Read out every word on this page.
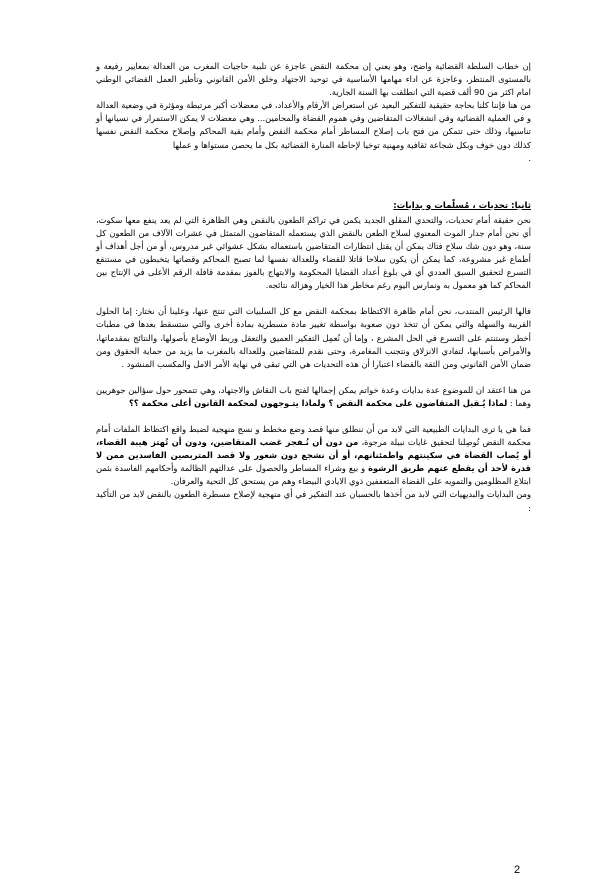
إن خطاب السلطة القضائية واضح، وهو يعني إن محكمة النقض عاجزة عن تلبية حاجيات المغرب من العدالة بمعايير رفيعة و بالمستوى المنتظر، وعاجزة عن اداء مهامها الأساسية في توحيد الاجتهاد وخلق الأمن القانوني وتأطير العمل القضائي الوطني امام اكثر من 90 ألف قضية التي انطلقت بها السنة الجارية.

من هنا فإننا كلنا بحاجة حقيقية للتفكير البعيد عن استعراض الأرقام والأعداد، في معضلات أكبر مرتبطة ومؤثرة في وضعية العدالة و في العملية القضائية وفي انشغالات المتقاضين وفي هموم القضاة والمحامين... وهي معضلات لا يمكن الاستمرار في نسيانها أو تناسيها، وذلك حتى تتمكن من فتح باب إصلاح المساطر أمام محكمة النقض وأمام بقية المحاكم وإصلاح محكمة النقض نفسها كذلك دون خوف وبكل شجاعة ثقافية ومهنية توخيا لإحاطة المنارة القضائية بكل ما يحصن مستواها و عملها

.

ثانيا: تحديات ، مُسلّمات و بدايات:

نحن حقيقة أمام تحديات، والتحدي المقلق الجديد يكمن في تراكم الطعون بالنقض وهي الظاهرة التي لم يعد ينفع معها سكوت، أي نحن أمام جدار الموت المعنوي لسلاح الطعن بالنقض الذي يستعمله المتقاضون المتمثل في عشرات الآلاف من الطعون كل سنة، وهو دون شك سلاح فتاك يمكن أن يقتل انتظارات المتقاضين باستعماله بشكل عشوائي غير مدروس، أو من أجل أهداف أو أطماع غير مشروعة، كما يمكن أن يكون سلاحا قاتلا للقضاء وللعدالة نفسها لما تصبح المحاكم وقضاتها يتخبطون في مستنقع التسرع لتحقيق السبق العددي أي في بلوغ أعداد القضايا المحكومة والابتهاج بالفوز بمقدمة قافلة الرقم الأعلى في الإنتاج بين المحاكم كما هو معمول به ونمارس اليوم رغم مخاطر هذا الخيار وهزالة نتائجه.

فالها الرئيس المنتدب، نحن أمام ظاهرة الاكتظاظ بمحكمة النقض مع كل السلبيات التي تنتج عنها، وعلينا أن نختار: إما الحلول القريبة والسهلة والتي يمكن أن تتخذ دون صعوبة بواسطة تغيير مادة مسطرية بمادة أخرى والتي ستسقط بعدها في مطبات أخطر وستنتم على التسرع في الحل المشرع ، وإما أن نُعمِل التفكير العميق والتعقل وربط الأوضاع بأصولها، والنتائج بمقدماتها، والأمراض بأسبابها، لتفادي الانزلاق ونتجنب المغامرة، وحتى نقدم للمتقاضين وللعدالة بالمغرب ما يزيد من حماية الحقوق ومن ضمان الأمن القانوني ومن الثقة بالقضاء اعتبارا أن هذه التحديات هي التي تبقى في نهاية الأمر الامل والمكسب المنشود .

من هنا اعتقد ان للموضوع عدة بدايات وعدة خواتم يمكن إجمالها لفتح باب النقاش والاجتهاد، وهي تتمحور حول سؤالين جوهريين وهما : لماذا يُـقبل المتقاضون على محكمة النقض ؟ ولماذا يتـوجهون لمحكمة القانون أعلى محكمة ؟؟

فما هي يا ترى البدايات الطبيعية التي لابد من أن ننطلق منها قصد وضع مخطط و نسج منهجية لضبط واقع اكتظاظ الملفات أمام محكمة النقض تُوصِلنا لتحقيق غايات نبيلة مرجوة، من دون أن نُـفجر غضب المتقاضين، ودون أن تُهتز هيبة القضاء، أو يُصاب القضاة في سكينتهم واطمئنانهم، أو أن نشجع دون شعور ولا قصد المتربصين الفاسدين ممن لا قدرة لأحد أن يقطع عنهم طريق الرشوة و بيع وشراء المساطر والحصول على عدالتهم الظالمة وأحكامهم الفاسدة بثمن ابتلاع المظلومين والتمويه على القضاة المتعففين ذوي الايادي البيضاء وهم من يستحق كل التحية والعرفان.

ومن البدايات والبديهيات التي لابد من أخذها بالحسبان عند التفكير في أي منهجية لإصلاح مسطرة الطعون بالنقض لابد من التأكيد :

2
